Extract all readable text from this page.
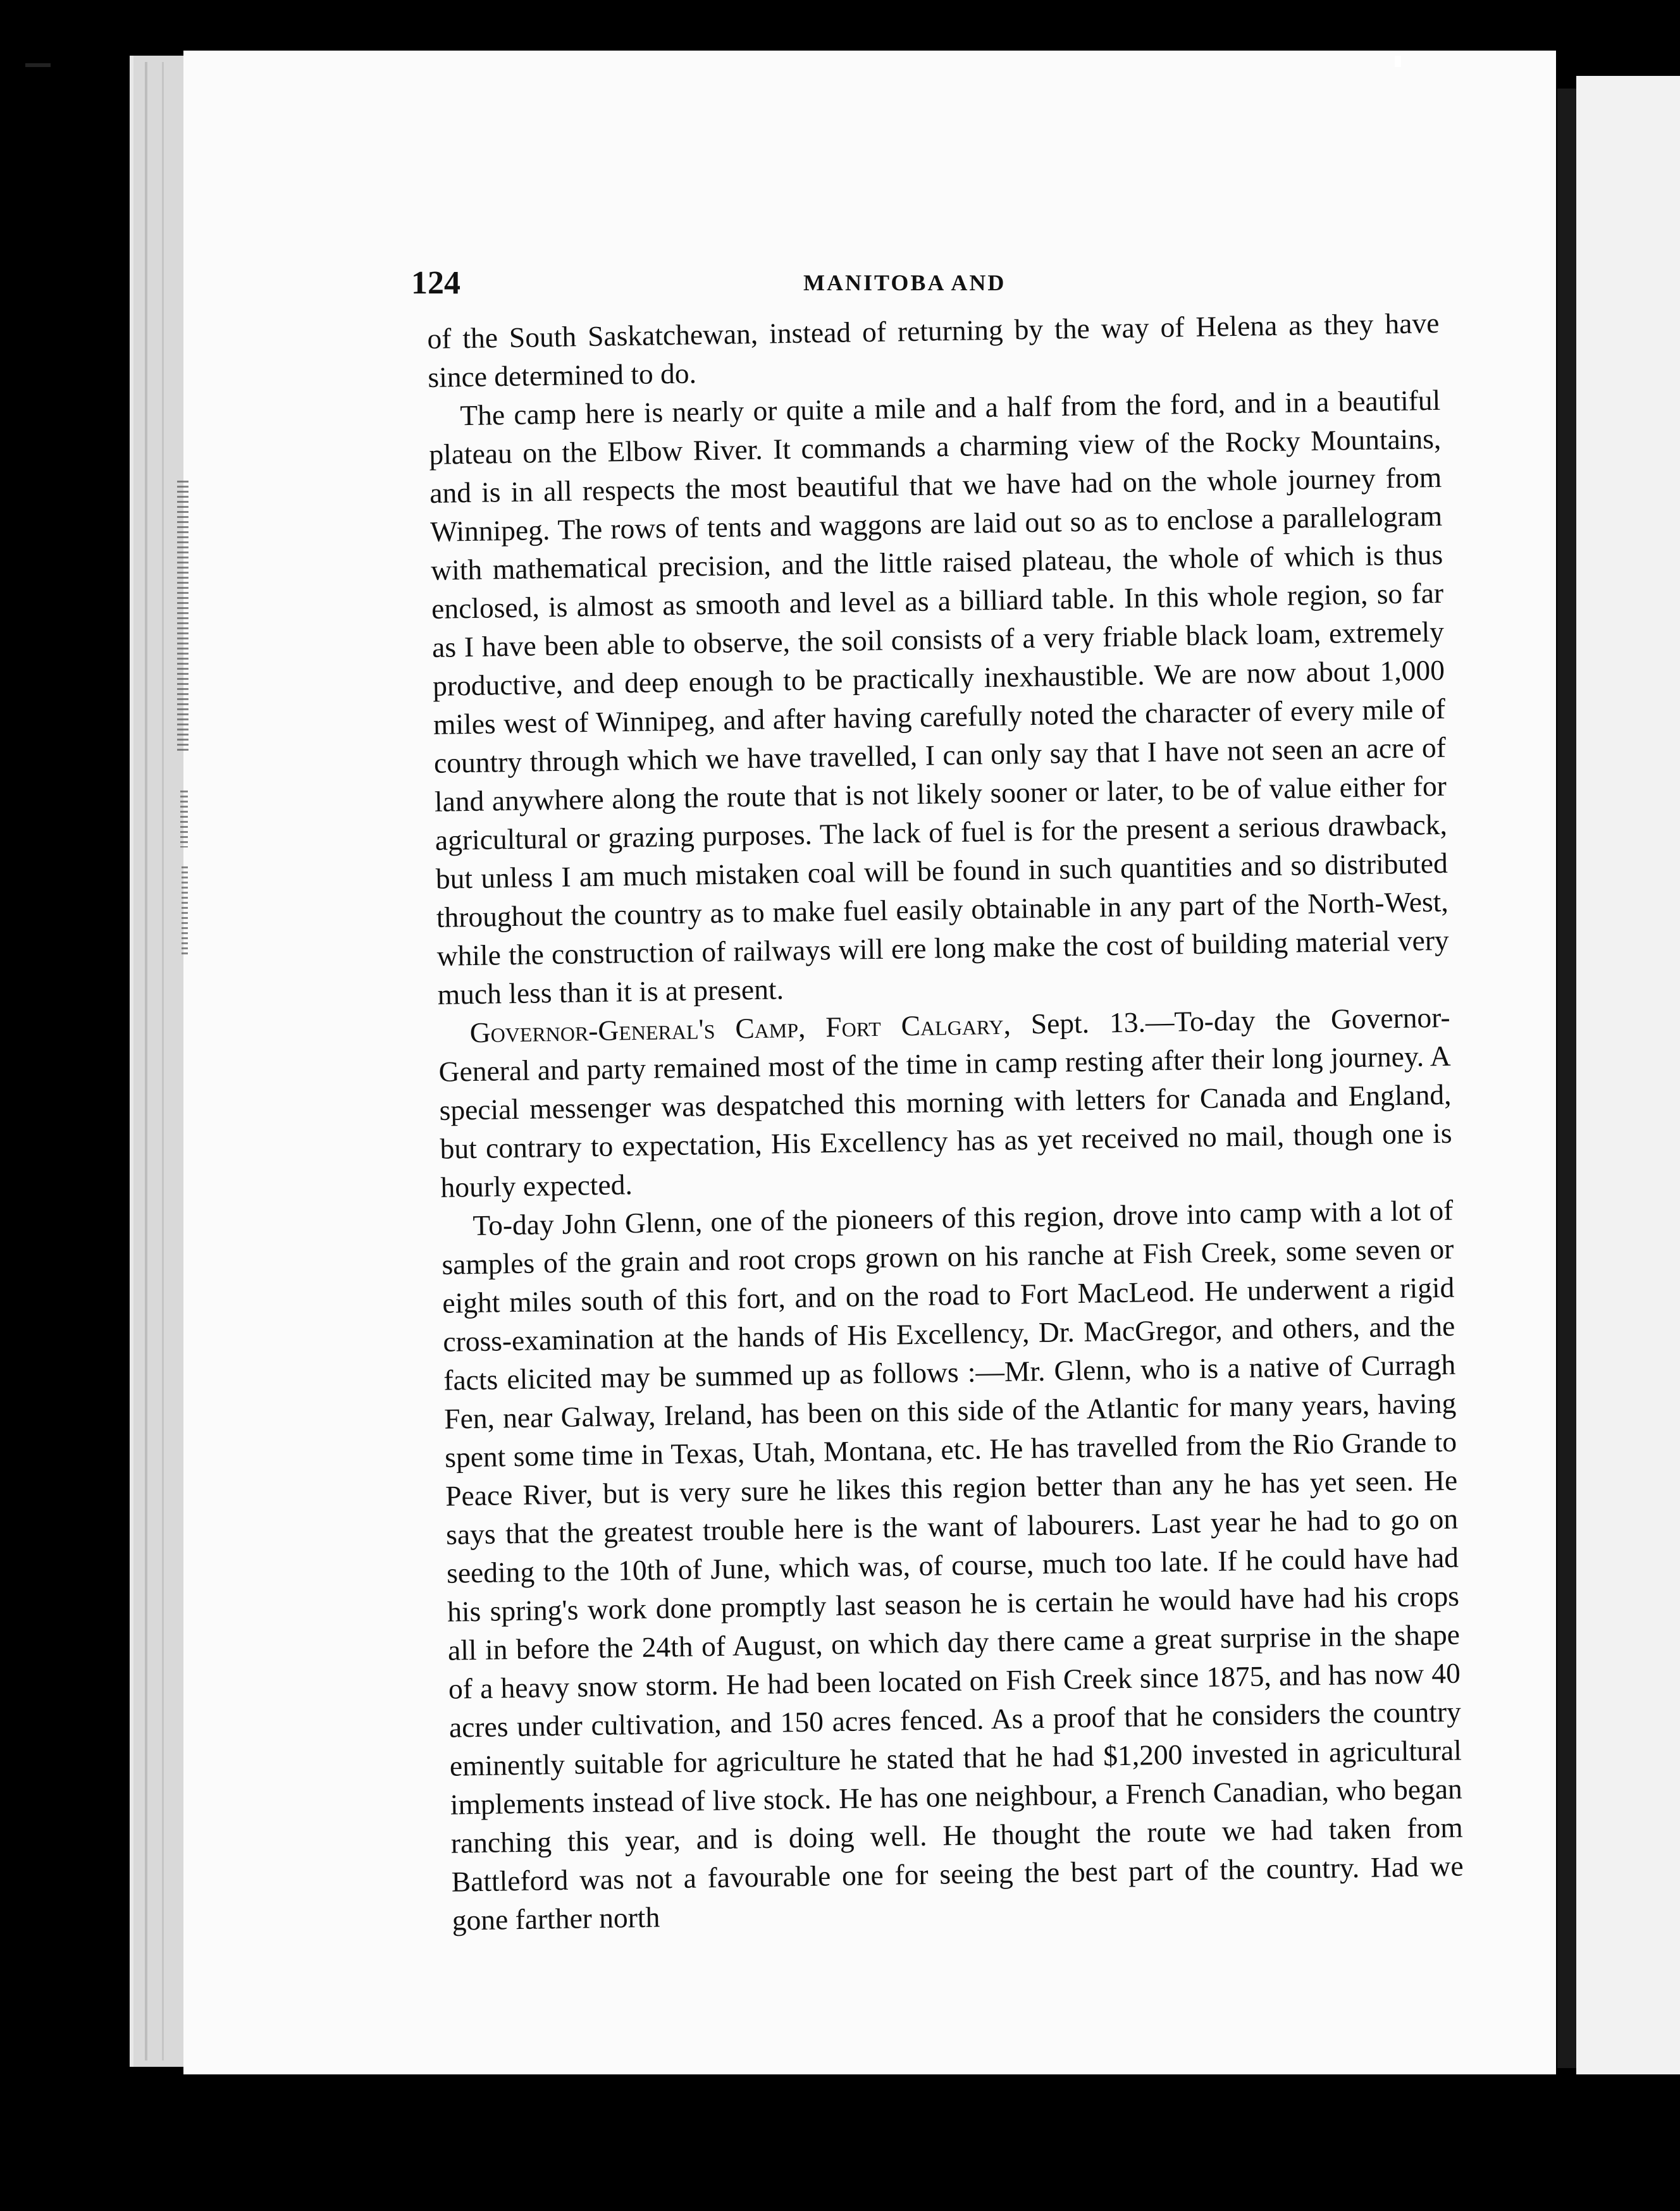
124	MANITOBA AND

of the South Saskatchewan, instead of returning by the way of Helena as they have since determined to do.

The camp here is nearly or quite a mile and a half from the ford, and in a beautiful plateau on the Elbow River. It commands a charming view of the Rocky Mountains, and is in all respects the most beautiful that we have had on the whole journey from Winnipeg. The rows of tents and waggons are laid out so as to enclose a parallelogram with mathematical precision, and the little raised plateau, the whole of which is thus enclosed, is almost as smooth and level as a billiard table. In this whole region, so far as I have been able to observe, the soil consists of a very friable black loam, extremely productive, and deep enough to be practically inexhaustible. We are now about 1,000 miles west of Winnipeg, and after having carefully noted the character of every mile of country through which we have travelled, I can only say that I have not seen an acre of land anywhere along the route that is not likely sooner or later, to be of value either for agricultural or grazing purposes. The lack of fuel is for the present a serious drawback, but unless I am much mistaken coal will be found in such quantities and so distributed throughout the country as to make fuel easily obtainable in any part of the North-West, while the construction of railways will ere long make the cost of building material very much less than it is at present.

Governor-General's Camp, Fort Calgary, Sept. 13.—To-day the Governor-General and party remained most of the time in camp resting after their long journey. A special messenger was despatched this morning with letters for Canada and England, but contrary to expectation, His Excellency has as yet received no mail, though one is hourly expected.

To-day John Glenn, one of the pioneers of this region, drove into camp with a lot of samples of the grain and root crops grown on his ranche at Fish Creek, some seven or eight miles south of this fort, and on the road to Fort MacLeod. He underwent a rigid cross-examination at the hands of His Excellency, Dr. MacGregor, and others, and the facts elicited may be summed up as follows :—Mr. Glenn, who is a native of Curragh Fen, near Galway, Ireland, has been on this side of the Atlantic for many years, having spent some time in Texas, Utah, Montana, etc. He has travelled from the Rio Grande to Peace River, but is very sure he likes this region better than any he has yet seen. He says that the greatest trouble here is the want of labourers. Last year he had to go on seeding to the 10th of June, which was, of course, much too late. If he could have had his spring's work done promptly last season he is certain he would have had his crops all in before the 24th of August, on which day there came a great surprise in the shape of a heavy snow storm. He had been located on Fish Creek since 1875, and has now 40 acres under cultivation, and 150 acres fenced. As a proof that he considers the country eminently suitable for agriculture he stated that he had $1,200 invested in agricultural implements instead of live stock. He has one neighbour, a French Canadian, who began ranching this year, and is doing well. He thought the route we had taken from Battleford was not a favourable one for seeing the best part of the country. Had we gone farther north
